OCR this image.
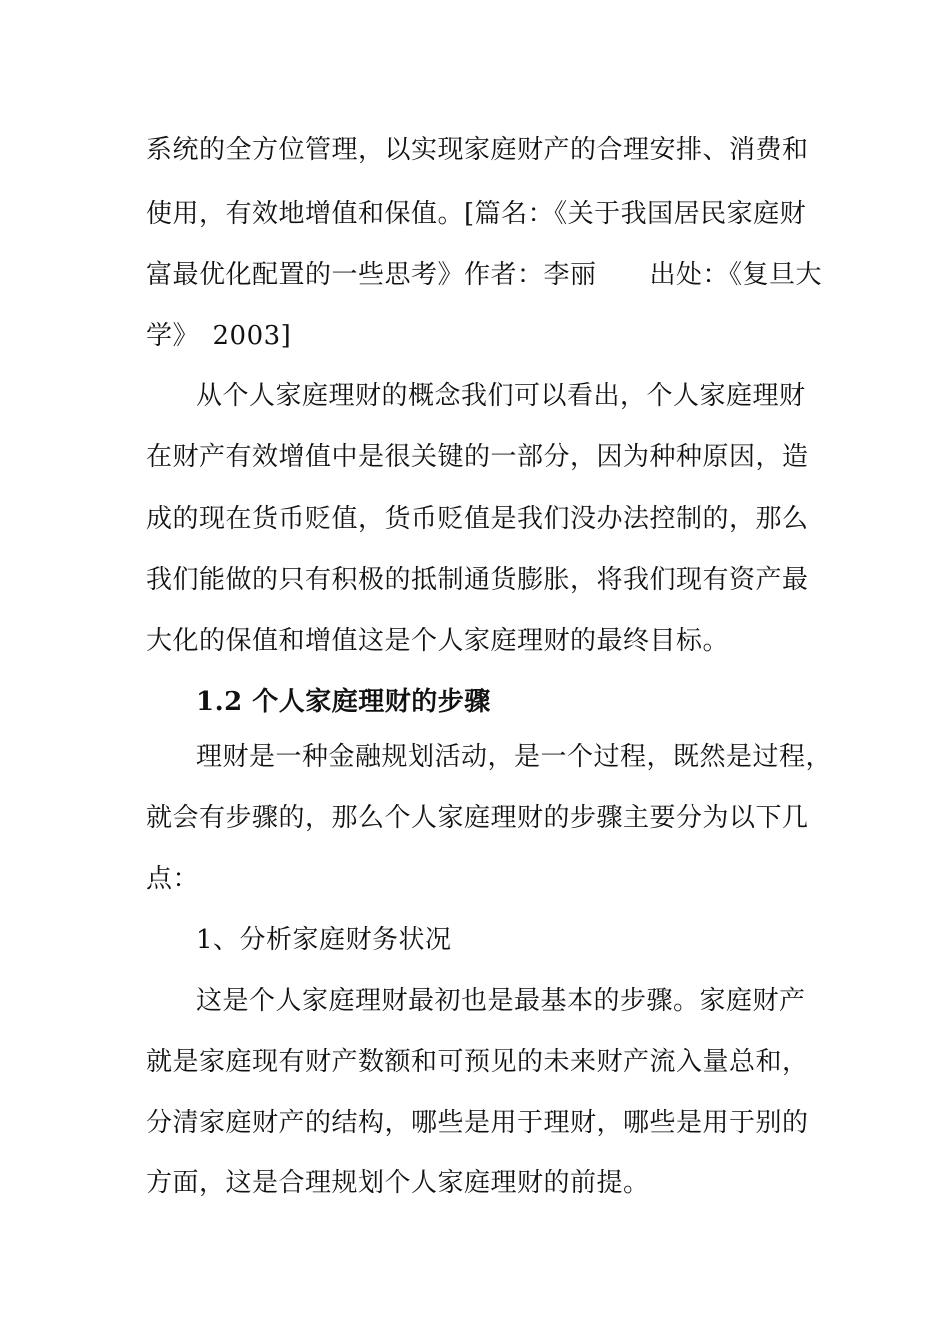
系统的全方位管理，以实现家庭财产的合理安排、消费和
使用，有效地增值和保值。[篇名：《关于我国居民家庭财
富最优化配置的一些思考》作者：李丽　　出处：《复旦大
学》　2003]
从个人家庭理财的概念我们可以看出，个人家庭理财
在财产有效增值中是很关键的一部分，因为种种原因，造
成的现在货币贬值，货币贬值是我们没办法控制的，那么
我们能做的只有积极的抵制通货膨胀，将我们现有资产最
大化的保值和增值这是个人家庭理财的最终目标。
1.2 个人家庭理财的步骤
理财是一种金融规划活动，是一个过程，既然是过程，
就会有步骤的，那么个人家庭理财的步骤主要分为以下几
点：
1、分析家庭财务状况
这是个人家庭理财最初也是最基本的步骤。家庭财产
就是家庭现有财产数额和可预见的未来财产流入量总和，
分清家庭财产的结构，哪些是用于理财，哪些是用于别的
方面，这是合理规划个人家庭理财的前提。
